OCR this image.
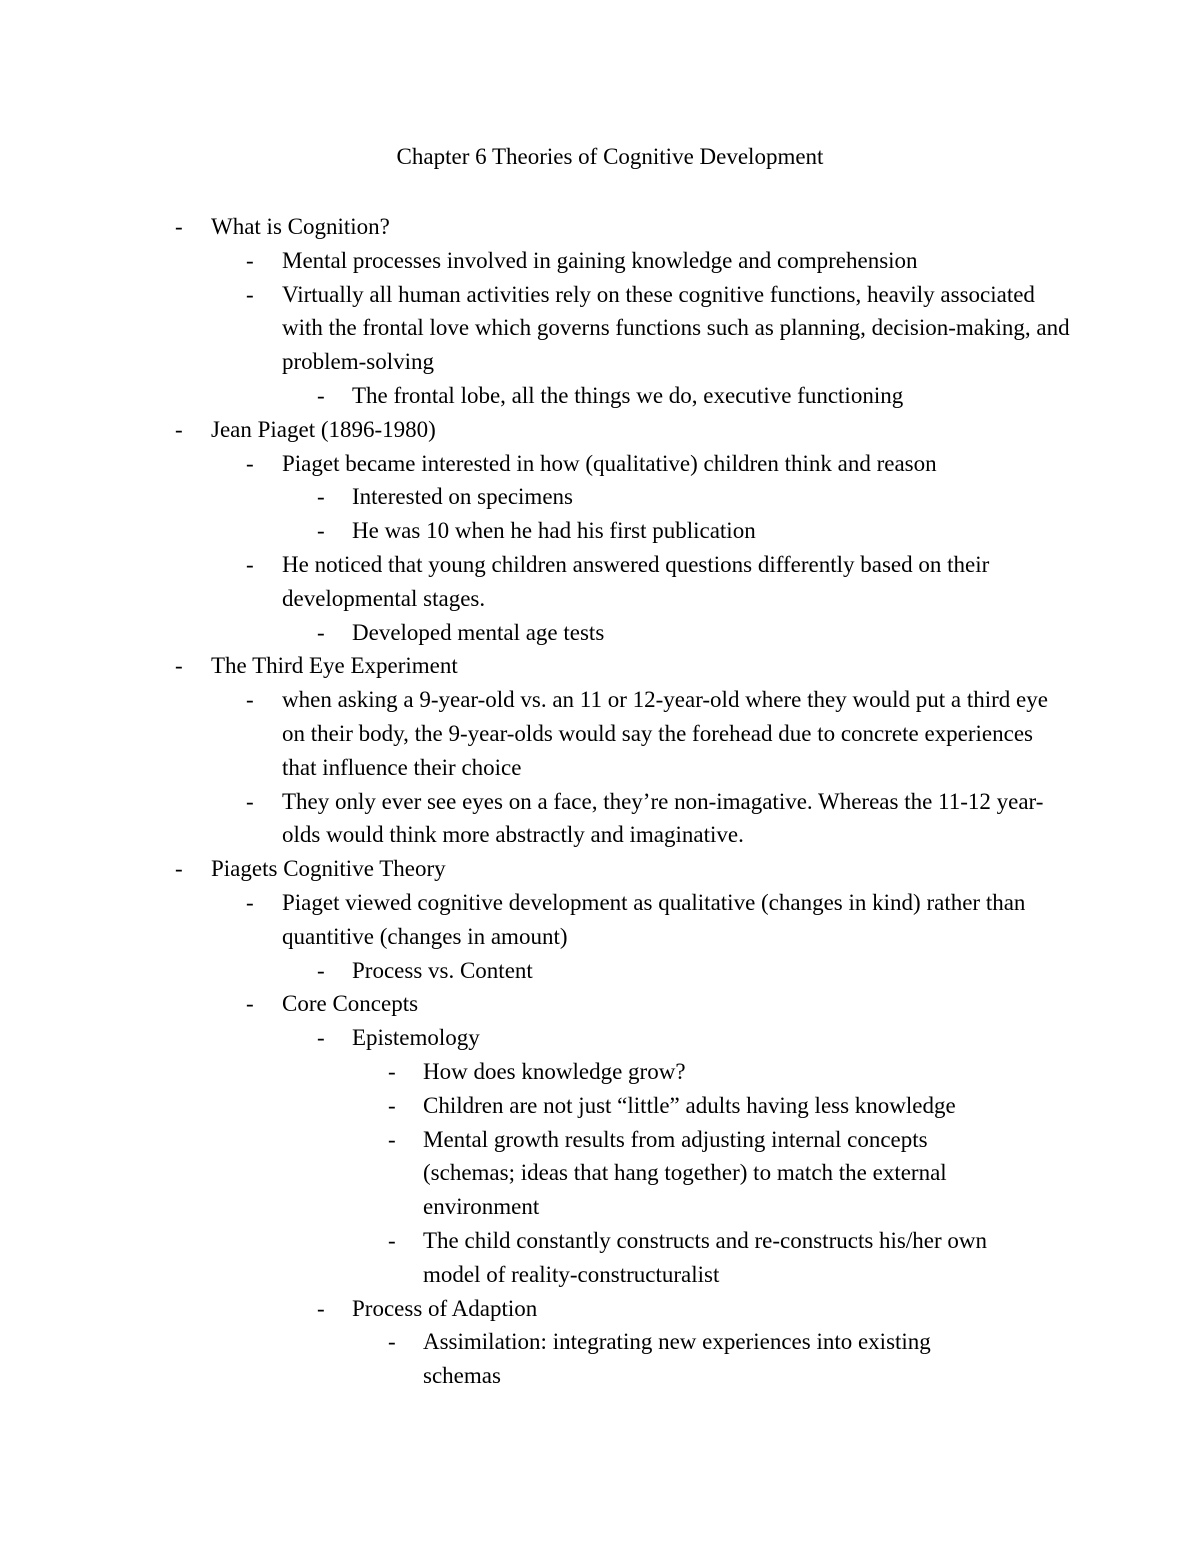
Chapter 6 Theories of Cognitive Development
- What is Cognition?
- Mental processes involved in gaining knowledge and comprehension
- Virtually all human activities rely on these cognitive functions, heavily associated with the frontal love which governs functions such as planning, decision-making, and problem-solving
- The frontal lobe, all the things we do, executive functioning
- Jean Piaget (1896-1980)
- Piaget became interested in how (qualitative) children think and reason
- Interested on specimens
- He was 10 when he had his first publication
- He noticed that young children answered questions differently based on their developmental stages.
- Developed mental age tests
- The Third Eye Experiment
- when asking a 9-year-old vs. an 11 or 12-year-old where they would put a third eye on their body, the 9-year-olds would say the forehead due to concrete experiences that influence their choice
- They only ever see eyes on a face, they’re non-imagative. Whereas the 11-12 year-olds would think more abstractly and imaginative.
- Piagets Cognitive Theory
- Piaget viewed cognitive development as qualitative (changes in kind) rather than quantitive (changes in amount)
- Process vs. Content
- Core Concepts
- Epistemology
- How does knowledge grow?
- Children are not just “little” adults having less knowledge
- Mental growth results from adjusting internal concepts (schemas; ideas that hang together) to match the external environment
- The child constantly constructs and re-constructs his/her own model of reality-constructuralist
- Process of Adaption
- Assimilation: integrating new experiences into existing schemas
